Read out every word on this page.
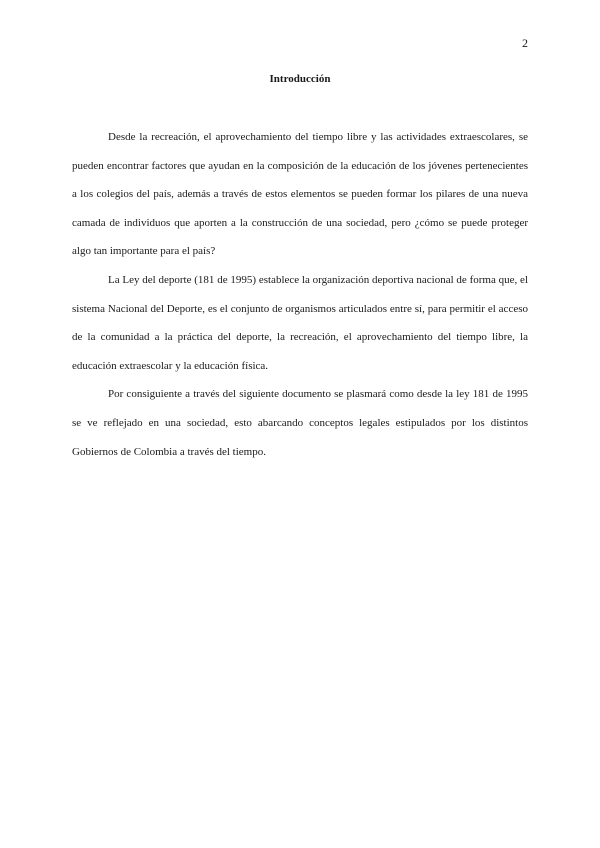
2
Introducción

Desde la recreación, el aprovechamiento del tiempo libre y las actividades extraescolares, se pueden encontrar factores que ayudan en la composición de la educación de los jóvenes pertenecientes a los colegios del país, además a través de estos elementos se pueden formar los pilares de una nueva camada de individuos que aporten a la construcción de una sociedad, pero ¿cómo se puede proteger algo tan importante para el país?

La Ley del deporte (181 de 1995) establece la organización deportiva nacional de forma que, el sistema Nacional del Deporte, es el conjunto de organismos articulados entre sí, para permitir el acceso de la comunidad a la práctica del deporte, la recreación, el aprovechamiento del tiempo libre, la educación extraescolar y la educación física.

Por consiguiente a través del siguiente documento se plasmará como desde la ley 181 de 1995 se ve reflejado en una sociedad, esto abarcando conceptos legales estipulados por los distintos Gobiernos de Colombia a través del tiempo.
